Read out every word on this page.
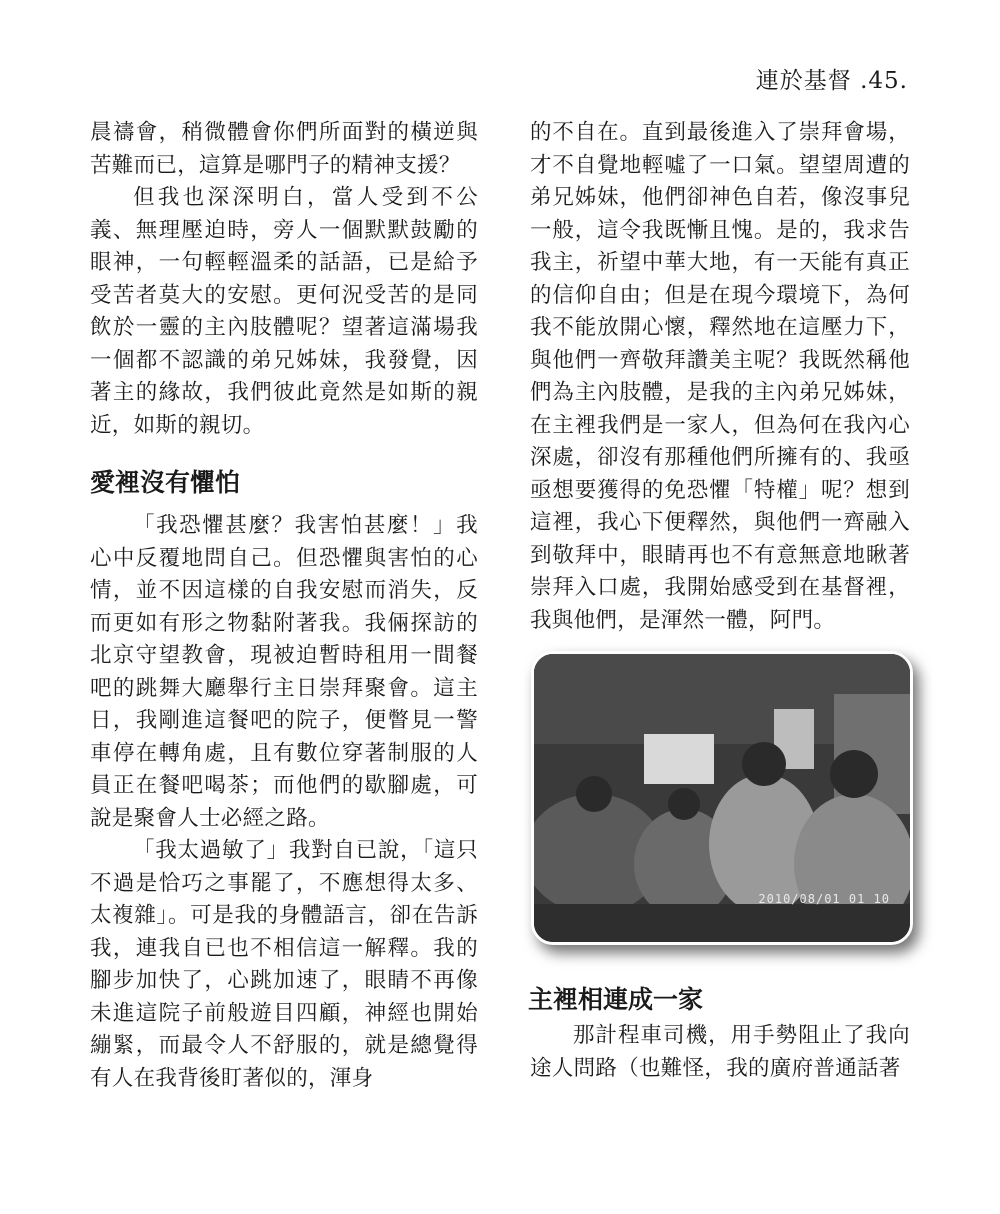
連於基督 .45.

晨禱會，稍微體會你們所面對的橫逆與苦難而已，這算是哪門子的精神支援？

但我也深深明白，當人受到不公義、無理壓迫時，旁人一個默默鼓勵的眼神，一句輕輕溫柔的話語，已是給予受苦者莫大的安慰。更何況受苦的是同飲於一靈的主內肢體呢？望著這滿場我一個都不認識的弟兄姊妹，我發覺，因著主的緣故，我們彼此竟然是如斯的親近，如斯的親切。

愛裡沒有懼怕

「我恐懼甚麼？我害怕甚麼！」我心中反覆地問自己。但恐懼與害怕的心情，並不因這樣的自我安慰而消失，反而更如有形之物黏附著我。我倆探訪的北京守望教會，現被迫暫時租用一間餐吧的跳舞大廳舉行主日崇拜聚會。這主日，我剛進這餐吧的院子，便瞥見一警車停在轉角處，且有數位穿著制服的人員正在餐吧喝茶；而他們的歇腳處，可說是聚會人士必經之路。

「我太過敏了」我對自已說，「這只不過是恰巧之事罷了，不應想得太多、太複雜」。可是我的身體語言，卻在告訴我，連我自已也不相信這一解釋。我的腳步加快了，心跳加速了，眼睛不再像未進這院子前般遊目四顧，神經也開始繃緊，而最令人不舒服的，就是總覺得有人在我背後盯著似的，渾身

的不自在。直到最後進入了崇拜會場，才不自覺地輕噓了一口氣。望望周遭的弟兄姊妹，他們卻神色自若，像沒事兒一般，這令我既慚且愧。是的，我求告我主，祈望中華大地，有一天能有真正的信仰自由；但是在現今環境下，為何我不能放開心懷，釋然地在這壓力下，與他們一齊敬拜讚美主呢？我既然稱他們為主內肢體，是我的主內弟兄姊妹，在主裡我們是一家人，但為何在我內心深處，卻沒有那種他們所擁有的、我亟亟想要獲得的免恐懼「特權」呢？想到這裡，我心下便釋然，與他們一齊融入到敬拜中，眼睛再也不有意無意地瞅著崇拜入口處，我開始感受到在基督裡，我與他們，是渾然一體，阿門。

2010/08/01 01 10
主裡相連成一家

那計程車司機，用手勢阻止了我向途人問路（也難怪，我的廣府普通話著
